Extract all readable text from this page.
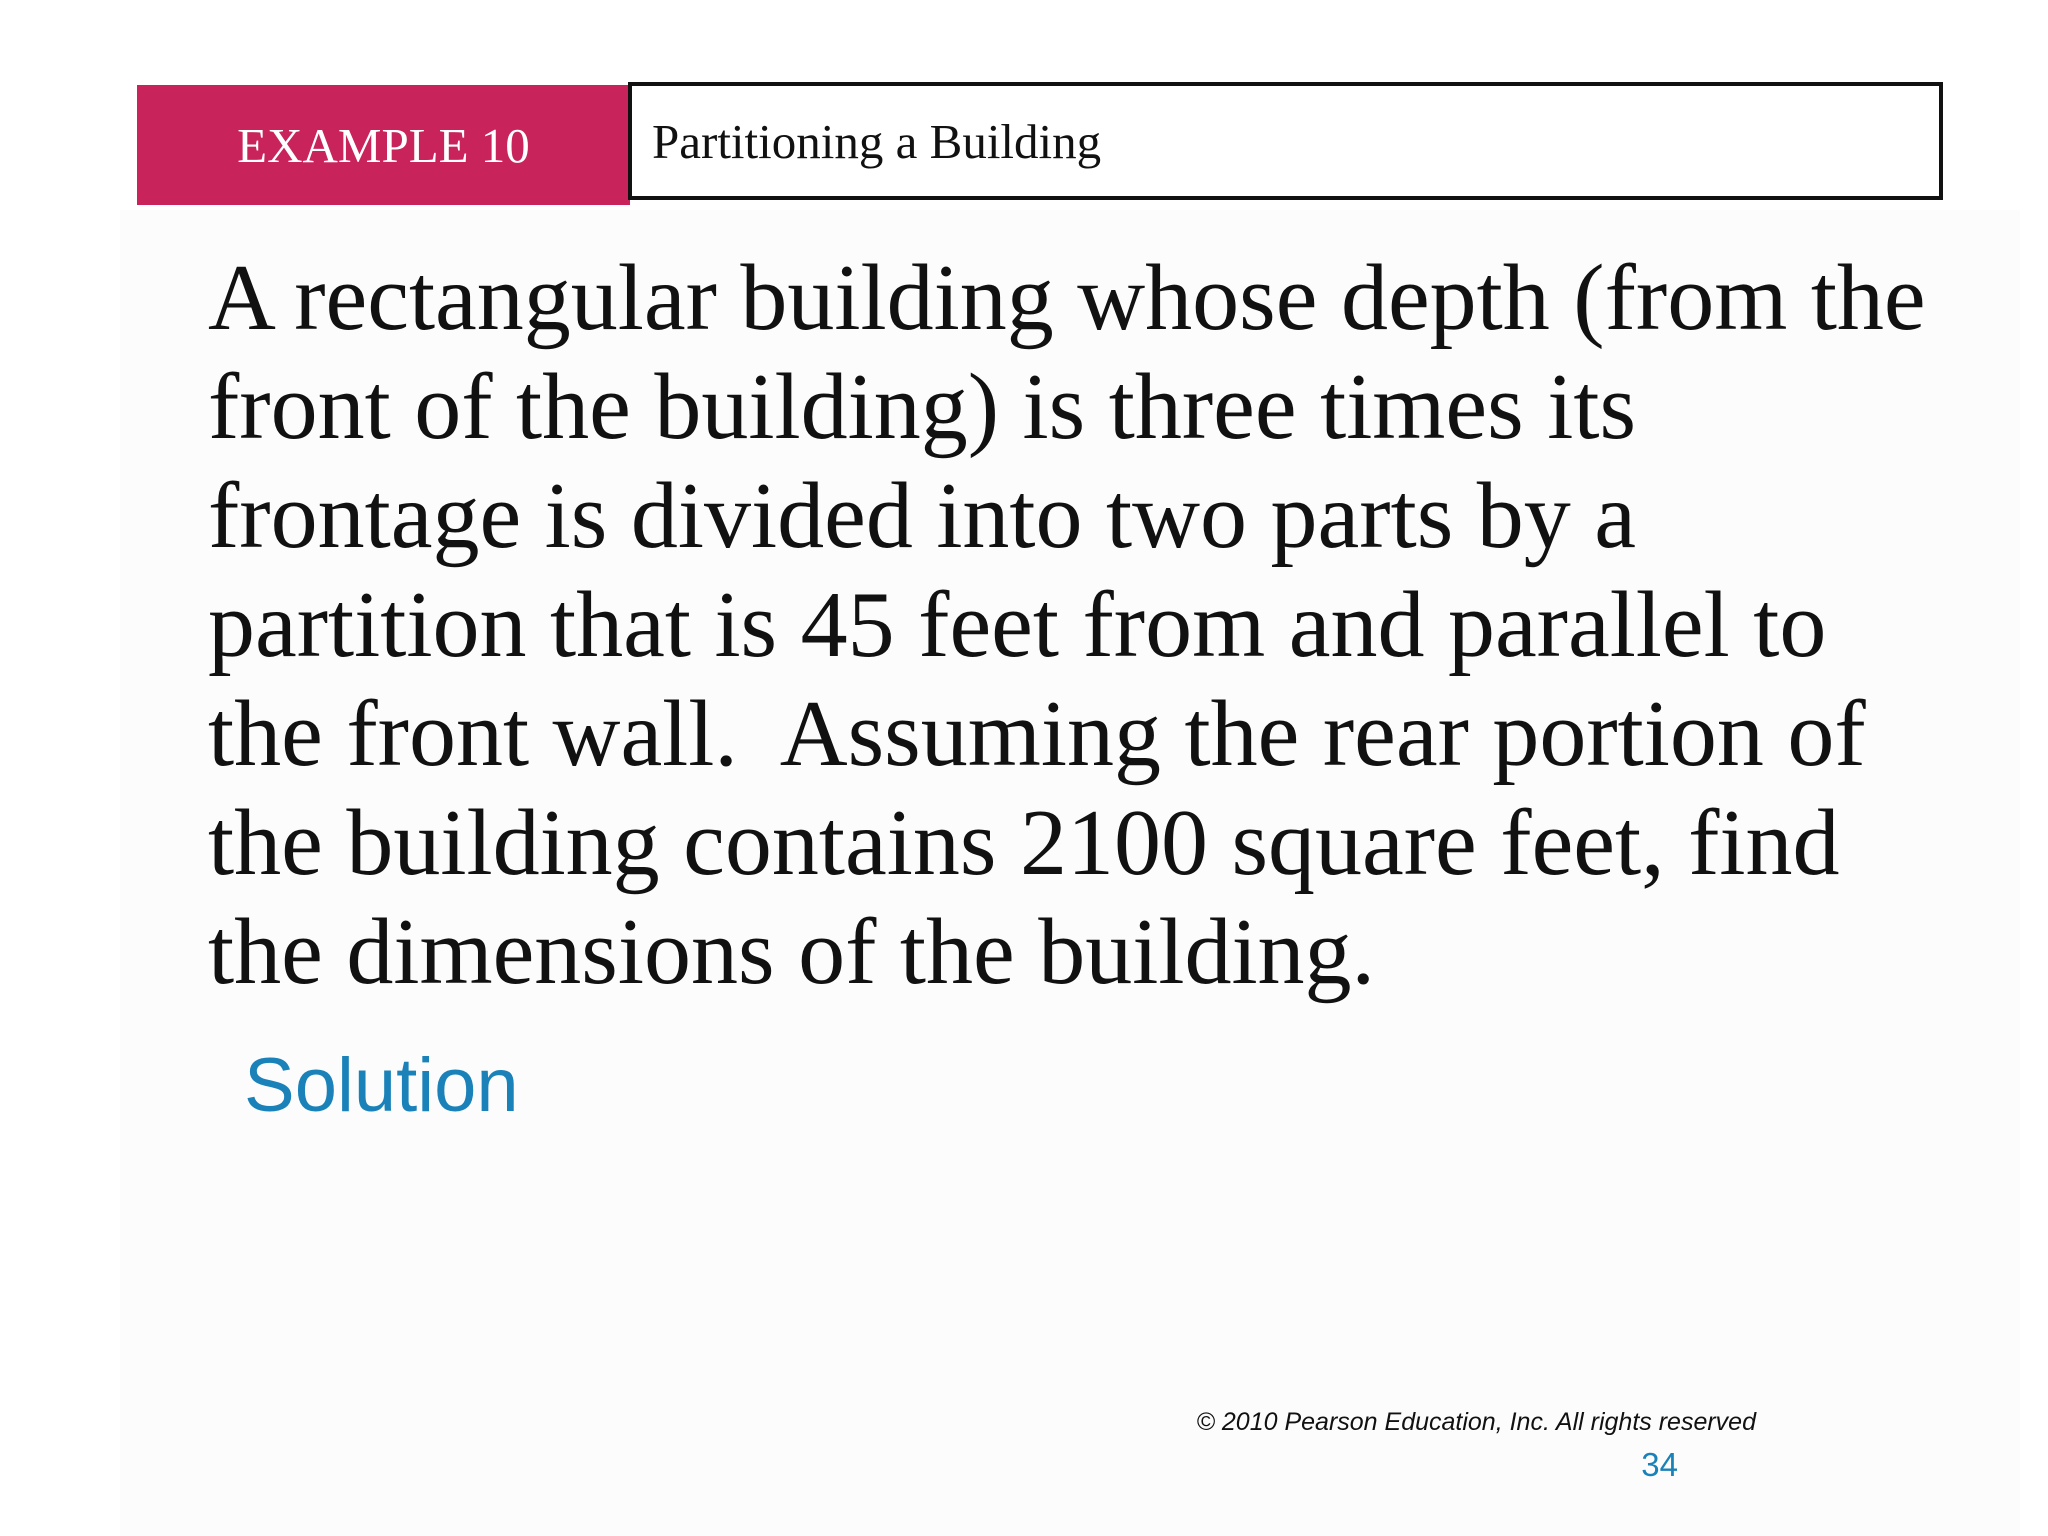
EXAMPLE 10	Partitioning a Building

A rectangular building whose depth (from the
front of the building) is three times its
frontage is divided into two parts by a
partition that is 45 feet from and parallel to
the front wall.  Assuming the rear portion of
the building contains 2100 square feet, find
the dimensions of the building.

Solution
© 2010 Pearson Education, Inc. All rights reserved
34
